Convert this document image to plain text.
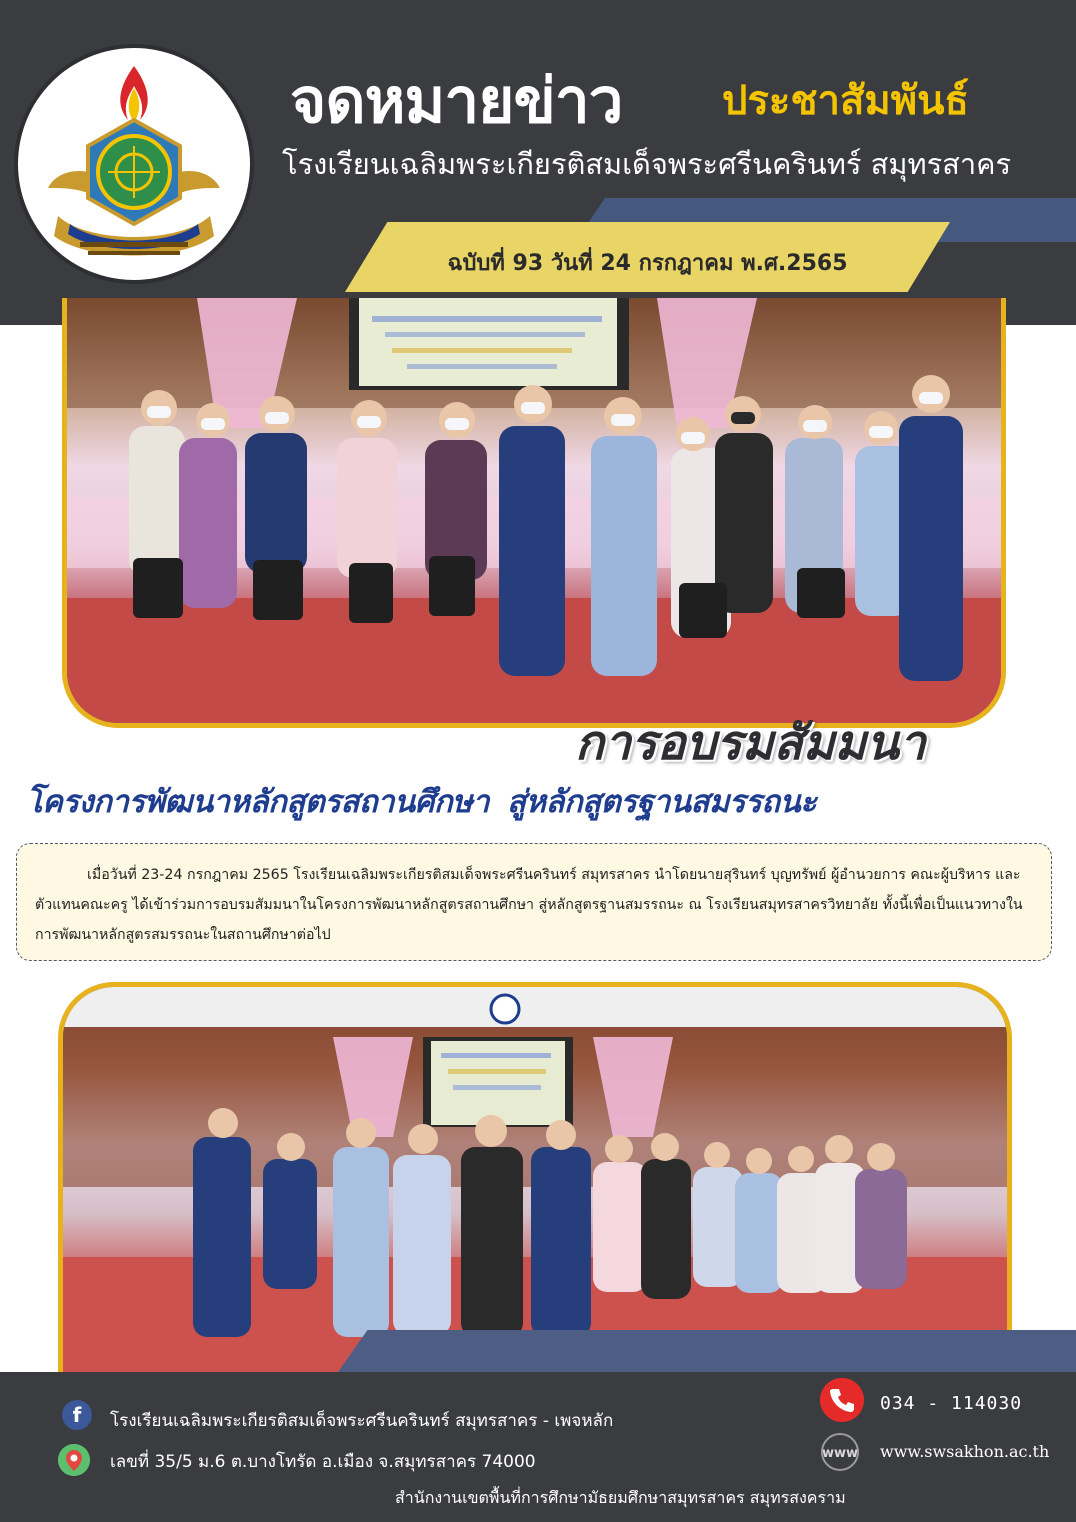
จดหมายข่าว ประชาสัมพันธ์
โรงเรียนเฉลิมพระเกียรติสมเด็จพระศรีนครินทร์ สมุทรสาคร
ฉบับที่ 93 วันที่ 24 กรกฎาคม พ.ศ.2565
การอบรมสัมมนา
โครงการพัฒนาหลักสูตรสถานศึกษา สู่หลักสูตรฐานสมรรถนะ

เมื่อวันที่ 23-24 กรกฎาคม 2565 โรงเรียนเฉลิมพระเกียรติสมเด็จพระศรีนครินทร์ สมุทรสาคร นำโดยนายสุรินทร์ บุญทรัพย์ ผู้อำนวยการ คณะผู้บริหาร และตัวแทนคณะครู ได้เข้าร่วมการอบรมสัมมนาในโครงการพัฒนาหลักสูตรสถานศึกษา สู่หลักสูตรฐานสมรรถนะ ณ โรงเรียนสมุทรสาครวิทยาลัย ทั้งนี้เพื่อเป็นแนวทางในการพัฒนาหลักสูตรสมรรถนะในสถานศึกษาต่อไป

f	โรงเรียนเฉลิมพระเกียรติสมเด็จพระศรีนครินทร์ สมุทรสาคร - เพจหลัก
เลขที่ 35/5 ม.6 ต.บางโทรัด อ.เมือง จ.สมุทรสาคร 74000
034 - 114030
www www.swsakhon.ac.th
สำนักงานเขตพื้นที่การศึกษามัธยมศึกษาสมุทรสาคร สมุทรสงคราม
